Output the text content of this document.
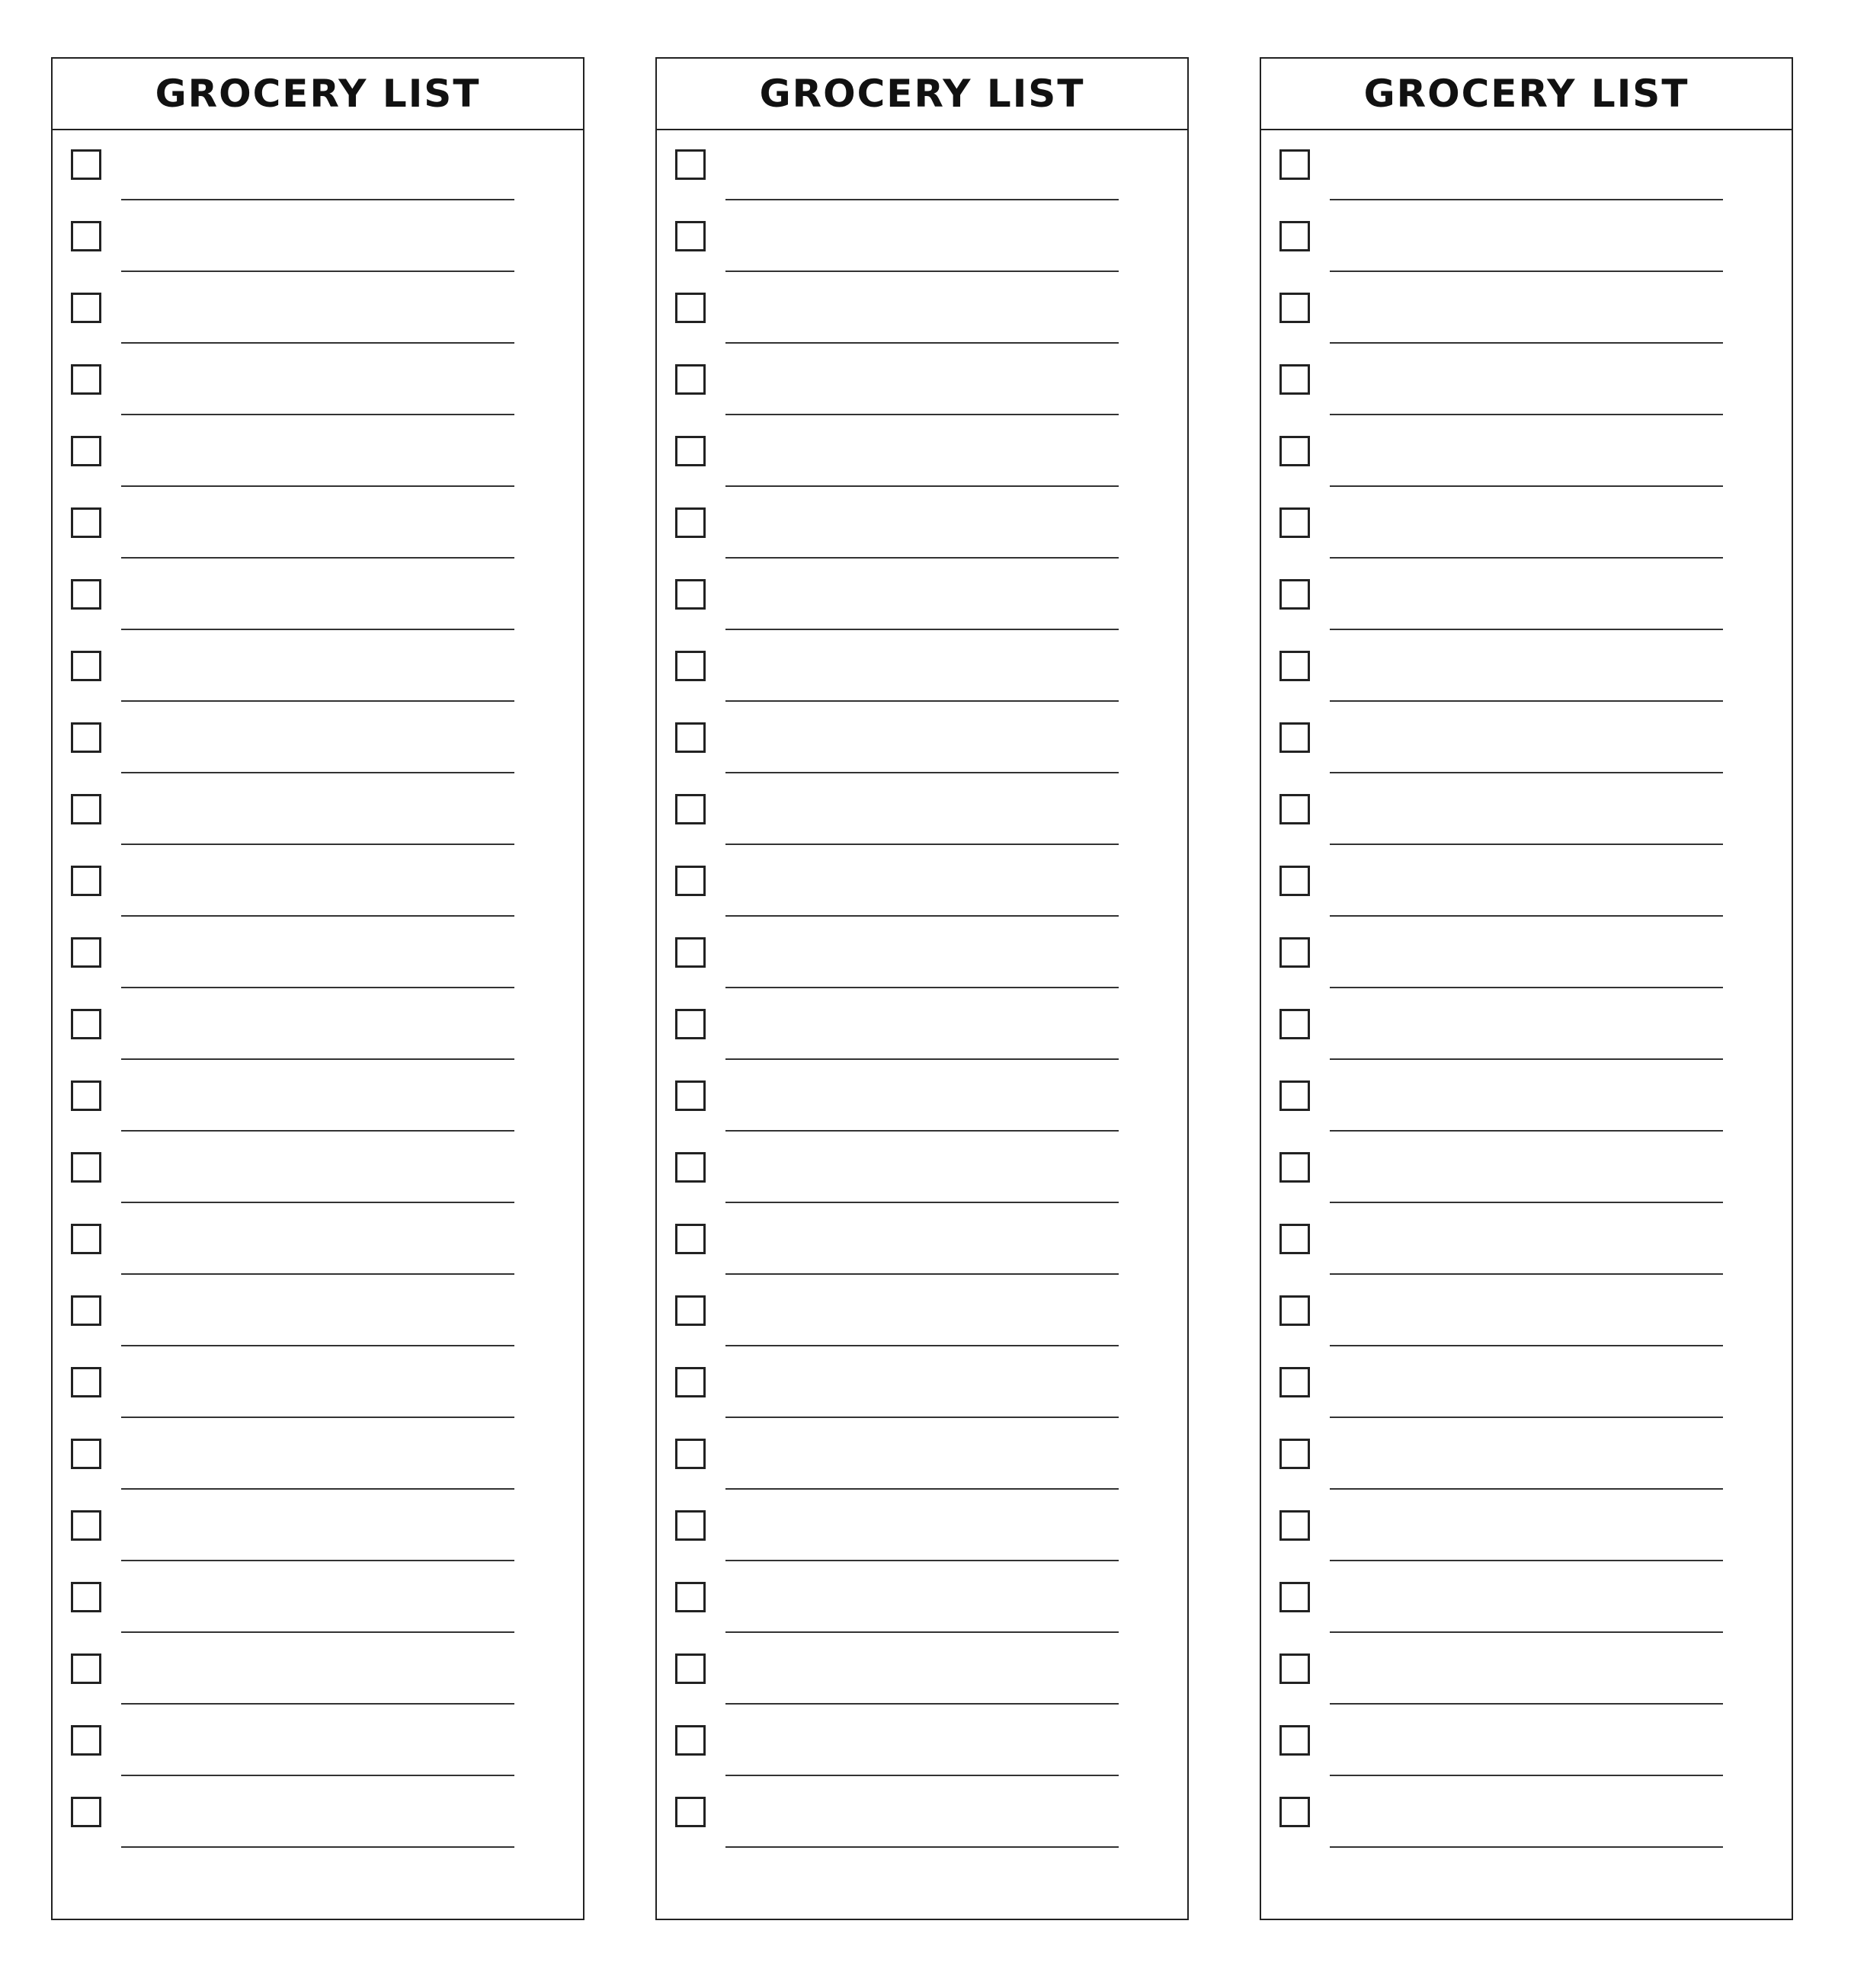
GROCERY LIST	GROCERY LIST	GROCERY LIST
